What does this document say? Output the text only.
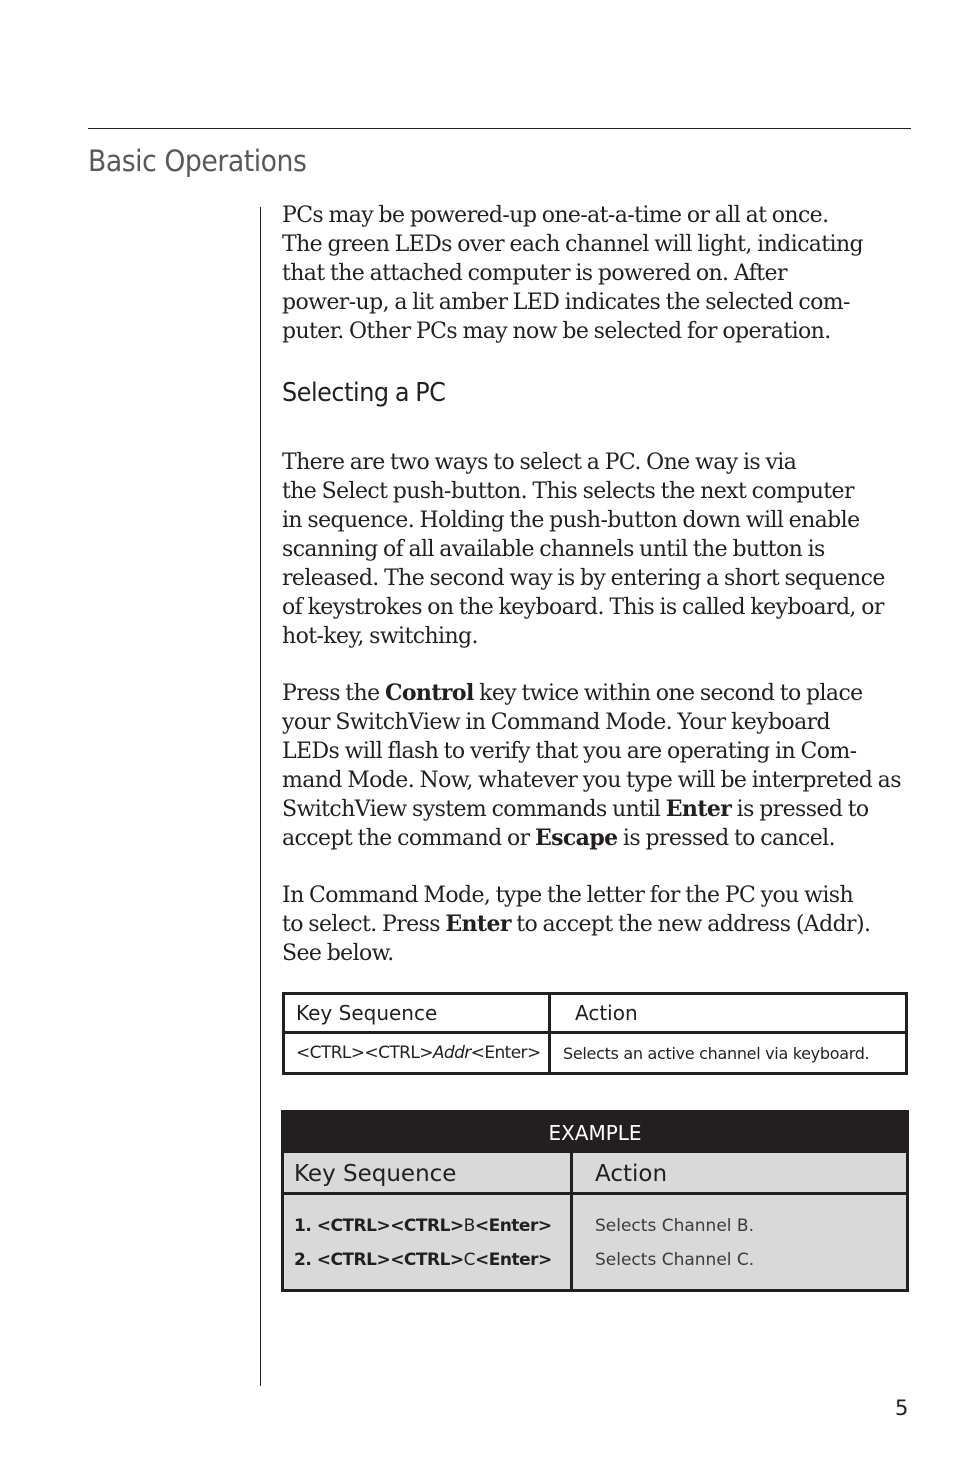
Basic Operations

PCs may be powered-up one-at-a-time or all at once.
The green LEDs over each channel will light, indicating
that the attached computer is powered on. After
power-up, a lit amber LED indicates the selected com-
puter. Other PCs may now be selected for operation.

Selecting a PC

There are two ways to select a PC. One way is via
the Select push-button. This selects the next computer
in sequence. Holding the push-button down will enable
scanning of all available channels until the button is
released. The second way is by entering a short sequence
of keystrokes on the keyboard. This is called keyboard, or
hot-key, switching.

Press the Control key twice within one second to place
your SwitchView in Command Mode. Your keyboard
LEDs will flash to verify that you are operating in Com-
mand Mode. Now, whatever you type will be interpreted as
SwitchView system commands until Enter is pressed to
accept the command or Escape is pressed to cancel.

In Command Mode, type the letter for the PC you wish
to select. Press Enter to accept the new address (Addr).
See below.

Key Sequence	Action
<CTRL><CTRL>Addr<Enter>	Selects an active channel via keyboard.
EXAMPLE
Key Sequence	Action
1. <CTRL><CTRL>B<Enter>	Selects Channel B.
2. <CTRL><CTRL>C<Enter>	Selects Channel C.
5
